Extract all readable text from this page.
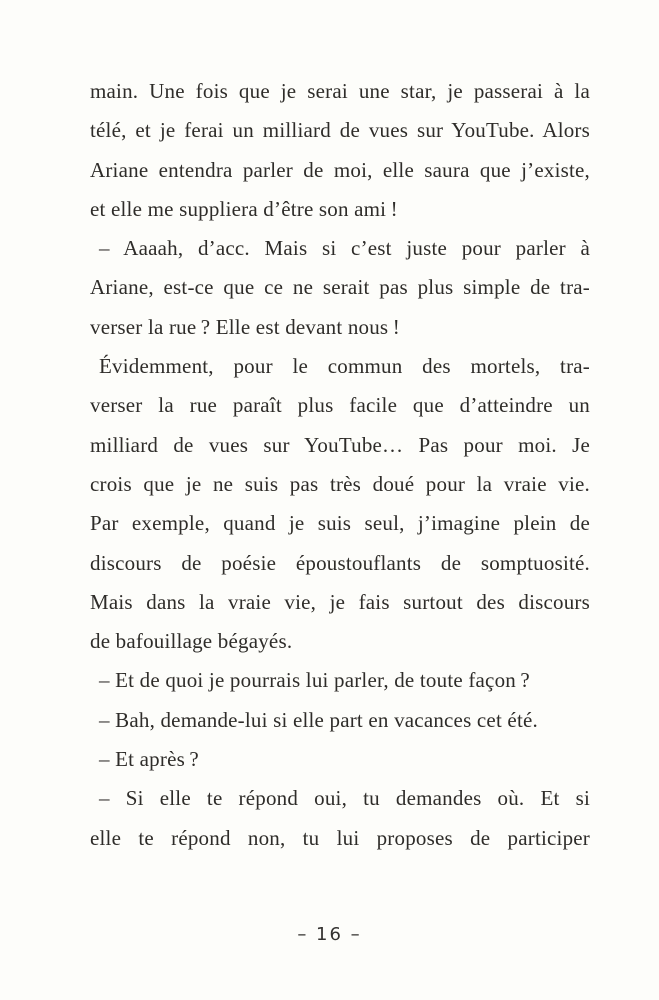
main. Une fois que je serai une star, je passerai à la
télé, et je ferai un milliard de vues sur YouTube. Alors
Ariane entendra parler de moi, elle saura que j’existe,
et elle me suppliera d’être son ami !
– Aaaah, d’acc. Mais si c’est juste pour parler à
Ariane, est-ce que ce ne serait pas plus simple de tra-
verser la rue ? Elle est devant nous !
Évidemment, pour le commun des mortels, tra-
verser la rue paraît plus facile que d’atteindre un
milliard de vues sur YouTube… Pas pour moi. Je
crois que je ne suis pas très doué pour la vraie vie.
Par exemple, quand je suis seul, j’imagine plein de
discours de poésie époustouflants de somptuosité.
Mais dans la vraie vie, je fais surtout des discours
de bafouillage bégayés.
– Et de quoi je pourrais lui parler, de toute façon ?
– Bah, demande-lui si elle part en vacances cet été.
– Et après ?
– Si elle te répond oui, tu demandes où. Et si
elle te répond non, tu lui proposes de participer
– 16 –
